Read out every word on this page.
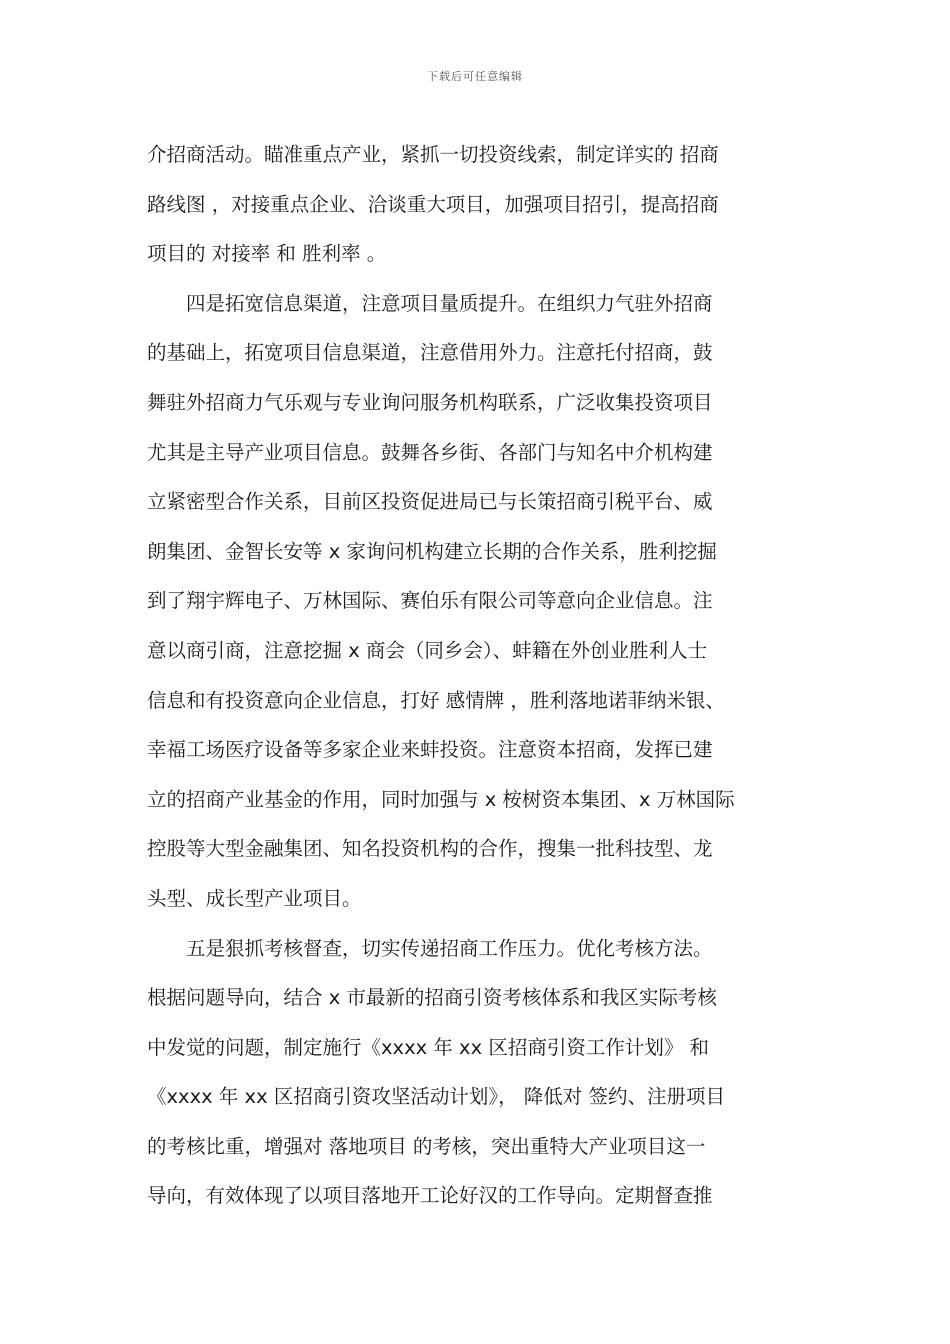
下载后可任意编辑
介招商活动。瞄准重点产业，紧抓一切投资线索，制定详实的 招商
路线图 ，对接重点企业、洽谈重大项目，加强项目招引，提高招商
项目的 对接率 和 胜利率 。
　　四是拓宽信息渠道，注意项目量质提升。在组织力气驻外招商
的基础上，拓宽项目信息渠道，注意借用外力。注意托付招商，鼓
舞驻外招商力气乐观与专业询问服务机构联系，广泛收集投资项目
尤其是主导产业项目信息。鼓舞各乡街、各部门与知名中介机构建
立紧密型合作关系，目前区投资促进局已与长策招商引税平台、威
朗集团、金智长安等 x 家询问机构建立长期的合作关系，胜利挖掘
到了翔宇辉电子、万林国际、赛伯乐有限公司等意向企业信息。注
意以商引商，注意挖掘 x 商会（同乡会）、蚌籍在外创业胜利人士
信息和有投资意向企业信息，打好 感情牌 ，胜利落地诺菲纳米银、
幸福工场医疗设备等多家企业来蚌投资。注意资本招商，发挥已建
立的招商产业基金的作用，同时加强与 x 桉树资本集团、x 万林国际
控股等大型金融集团、知名投资机构的合作，搜集一批科技型、龙
头型、成长型产业项目。
　　五是狠抓考核督查，切实传递招商工作压力。优化考核方法。
根据问题导向，结合 x 市最新的招商引资考核体系和我区实际考核
中发觉的问题，制定施行《xxxx 年 xx 区招商引资工作计划》 和
《xxxx 年 xx 区招商引资攻坚活动计划》， 降低对 签约、注册项目
的考核比重，增强对 落地项目 的考核，突出重特大产业项目这一
导向，有效体现了以项目落地开工论好汉的工作导向。定期督查推
